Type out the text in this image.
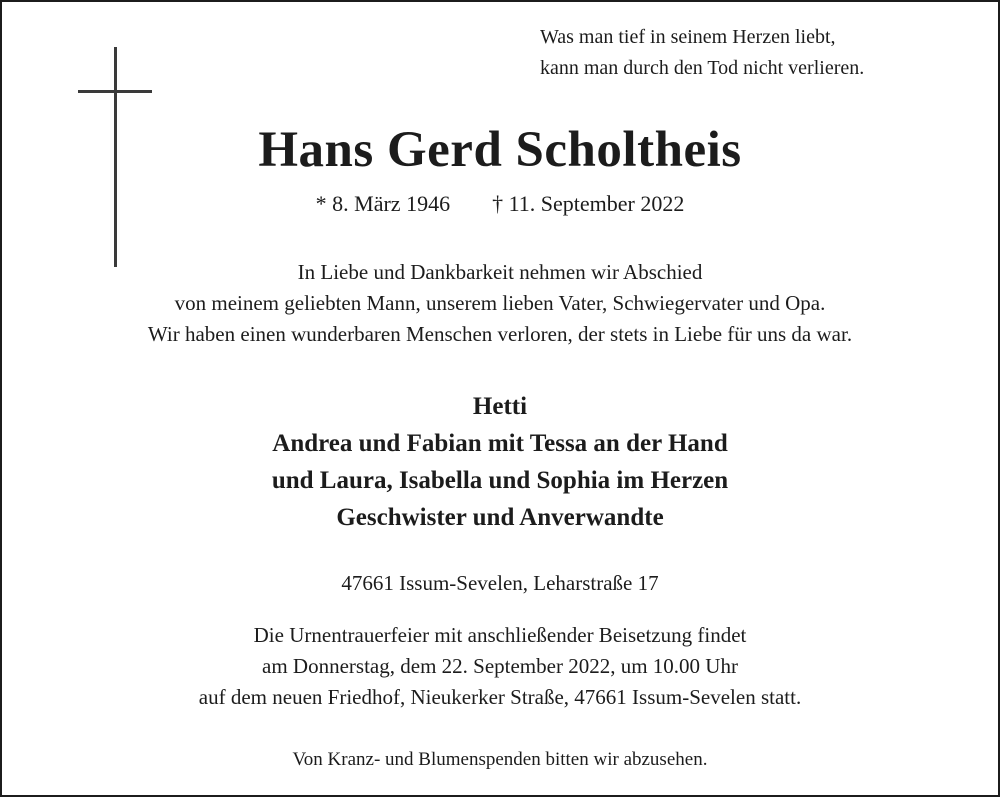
Was man tief in seinem Herzen liebt,
kann man durch den Tod nicht verlieren.
Hans Gerd Scholtheis
* 8. März 1946 † 11. September 2022
In Liebe und Dankbarkeit nehmen wir Abschied
von meinem geliebten Mann, unserem lieben Vater, Schwiegervater und Opa.
Wir haben einen wunderbaren Menschen verloren, der stets in Liebe für uns da war.
Hetti
Andrea und Fabian mit Tessa an der Hand
und Laura, Isabella und Sophia im Herzen
Geschwister und Anverwandte
47661 Issum-Sevelen, Leharstraße 17
Die Urnentrauerfeier mit anschließender Beisetzung findet
am Donnerstag, dem 22. September 2022, um 10.00 Uhr
auf dem neuen Friedhof, Nieukerker Straße, 47661 Issum-Sevelen statt.
Von Kranz- und Blumenspenden bitten wir abzusehen.
